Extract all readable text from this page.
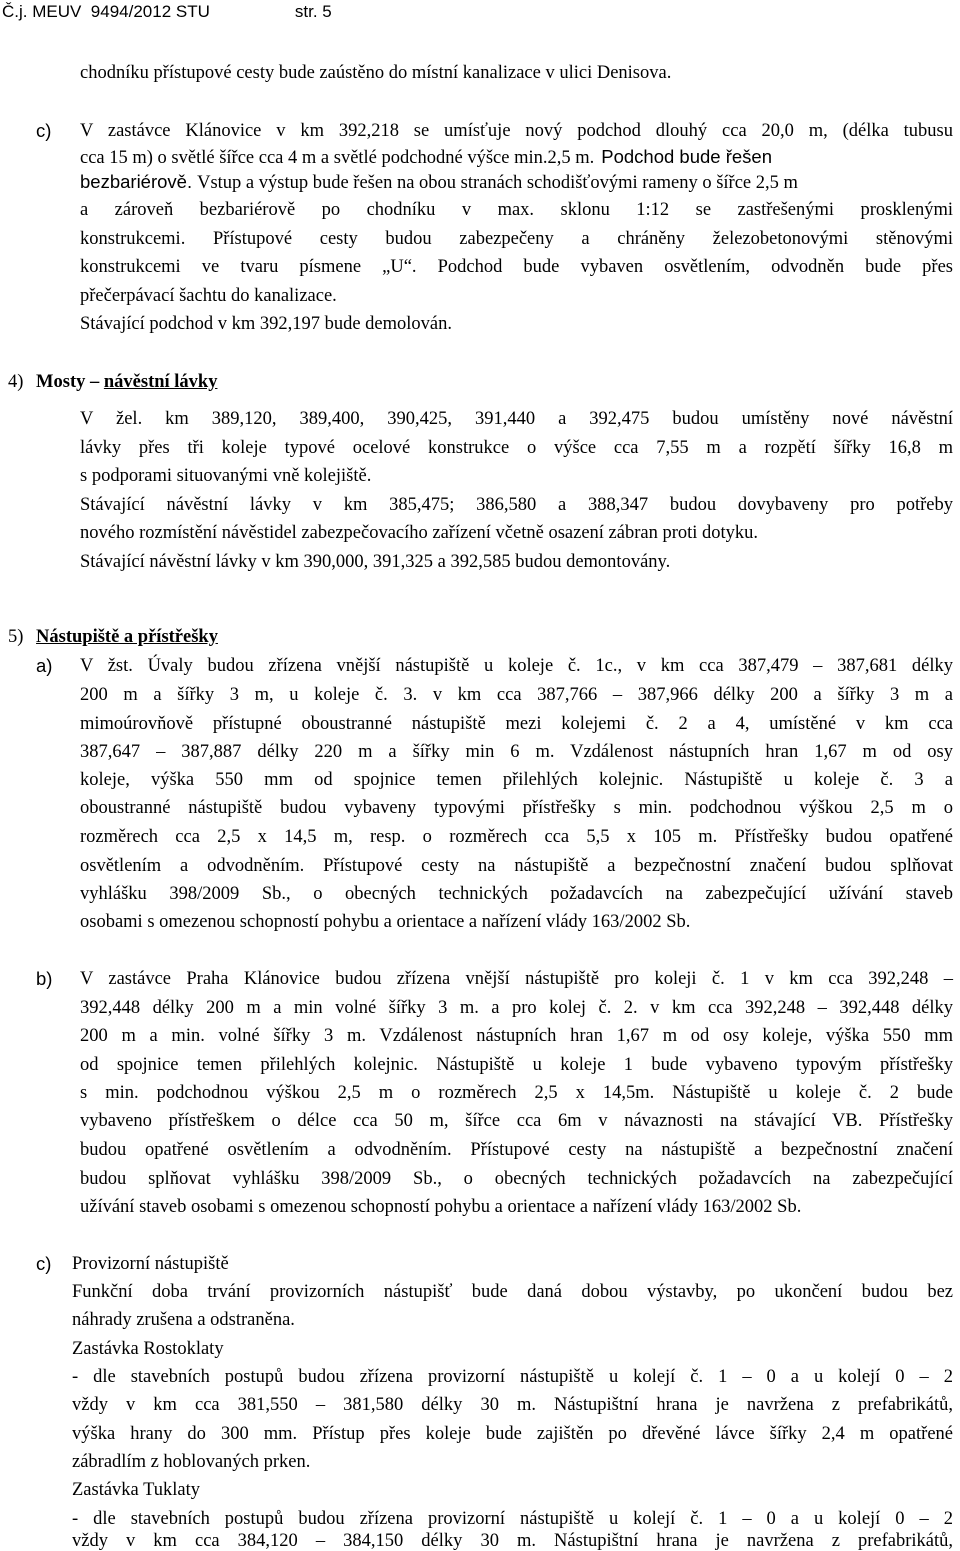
Č.j. MEUV  9494/2012 STU                  str. 5
chodníku přístupové cesty bude zaústěno do místní kanalizace v ulici Denisova.
c) V zastávce Klánovice v km 392,218 se umísťuje nový podchod dlouhý cca 20,0 m, (délka tubusu
cca 15 m) o světlé šířce cca 4 m a světlé podchodné výšce min.2,5 m. Podchod bude řešen
bezbariérově. Vstup a výstup bude řešen na obou stranách schodišťovými rameny o šířce 2,5 m
a zároveň bezbariérově po chodníku v max. sklonu 1:12 se zastřešenými prosklenými
konstrukcemi. Přístupové cesty budou zabezpečeny a chráněny železobetonovými stěnovými
konstrukcemi ve tvaru písmene „U“. Podchod bude vybaven osvětlením, odvodněn bude přes
přečerpávací šachtu do kanalizace.
Stávající podchod v km 392,197 bude demolován.
4) Mosty – návěstní lávky
V žel. km 389,120, 389,400, 390,425, 391,440 a 392,475 budou umístěny nové návěstní
lávky přes tři koleje typové ocelové konstrukce o výšce cca 7,55 m a rozpětí šířky 16,8 m
s podporami situovanými vně kolejiště.
Stávající návěstní lávky v km 385,475; 386,580 a 388,347 budou dovybaveny pro potřeby
nového rozmístění návěstidel zabezpečovacího zařízení včetně osazení zábran proti dotyku.
Stávající návěstní lávky v km 390,000, 391,325 a 392,585 budou demontovány.
5) Nástupiště a přístřešky
a) V žst. Úvaly budou zřízena vnější nástupiště u koleje č. 1c., v km cca 387,479 – 387,681 délky
200 m a šířky 3 m, u koleje č. 3. v km cca 387,766 – 387,966 délky 200 a šířky 3 m a
mimoúrovňově přístupné oboustranné nástupiště mezi kolejemi č. 2 a 4, umístěné v km cca
387,647 – 387,887 délky 220 m a šířky min 6 m. Vzdálenost nástupních hran 1,67 m od osy
koleje, výška 550 mm od spojnice temen přilehlých kolejnic. Nástupiště u koleje č. 3 a
oboustranné nástupiště budou vybaveny typovými přístřešky s min. podchodnou výškou 2,5 m o
rozměrech cca 2,5 x 14,5 m, resp. o rozměrech cca 5,5 x 105 m. Přístřešky budou opatřené
osvětlením a odvodněním. Přístupové cesty na nástupiště a bezpečnostní značení budou splňovat
vyhlášku 398/2009 Sb., o obecných technických požadavcích na zabezpečující užívání staveb
osobami s omezenou schopností pohybu a orientace a nařízení vlády 163/2002 Sb.
b) V zastávce Praha Klánovice budou zřízena vnější nástupiště pro koleji č. 1 v km cca 392,248 –
392,448 délky 200 m a min volné šířky 3 m. a pro kolej č. 2. v km cca 392,248 – 392,448 délky
200 m a min. volné šířky 3 m. Vzdálenost nástupních hran 1,67 m od osy koleje, výška 550 mm
od spojnice temen přilehlých kolejnic. Nástupiště u koleje 1 bude vybaveno typovým přístřešky
s min. podchodnou výškou 2,5 m o rozměrech 2,5 x 14,5m. Nástupiště u koleje č. 2 bude
vybaveno přístřeškem o délce cca 50 m, šířce cca 6m v návaznosti na stávající VB. Přístřešky
budou opatřené osvětlením a odvodněním. Přístupové cesty na nástupiště a bezpečnostní značení
budou splňovat vyhlášku 398/2009 Sb., o obecných technických požadavcích na zabezpečující
užívání staveb osobami s omezenou schopností pohybu a orientace a nařízení vlády 163/2002 Sb.
c) Provizorní nástupiště
Funkční doba trvání provizorních nástupišť bude daná dobou výstavby, po ukončení budou bez
náhrady zrušena a odstraněna.
Zastávka Rostoklaty
- dle stavebních postupů budou zřízena provizorní nástupiště u kolejí č. 1 – 0 a u kolejí 0 – 2
vždy v km cca 381,550 – 381,580 délky 30 m. Nástupištní hrana je navržena z prefabrikátů,
výška hrany do 300 mm. Přístup přes koleje bude zajištěn po dřevěné lávce šířky 2,4 m opatřené
zábradlím z hoblovaných prken.
Zastávka Tuklaty
- dle stavebních postupů budou zřízena provizorní nástupiště u kolejí č. 1 – 0 a u kolejí 0 – 2
vždy v km cca 384,120 – 384,150 délky 30 m. Nástupištní hrana je navržena z prefabrikátů,
